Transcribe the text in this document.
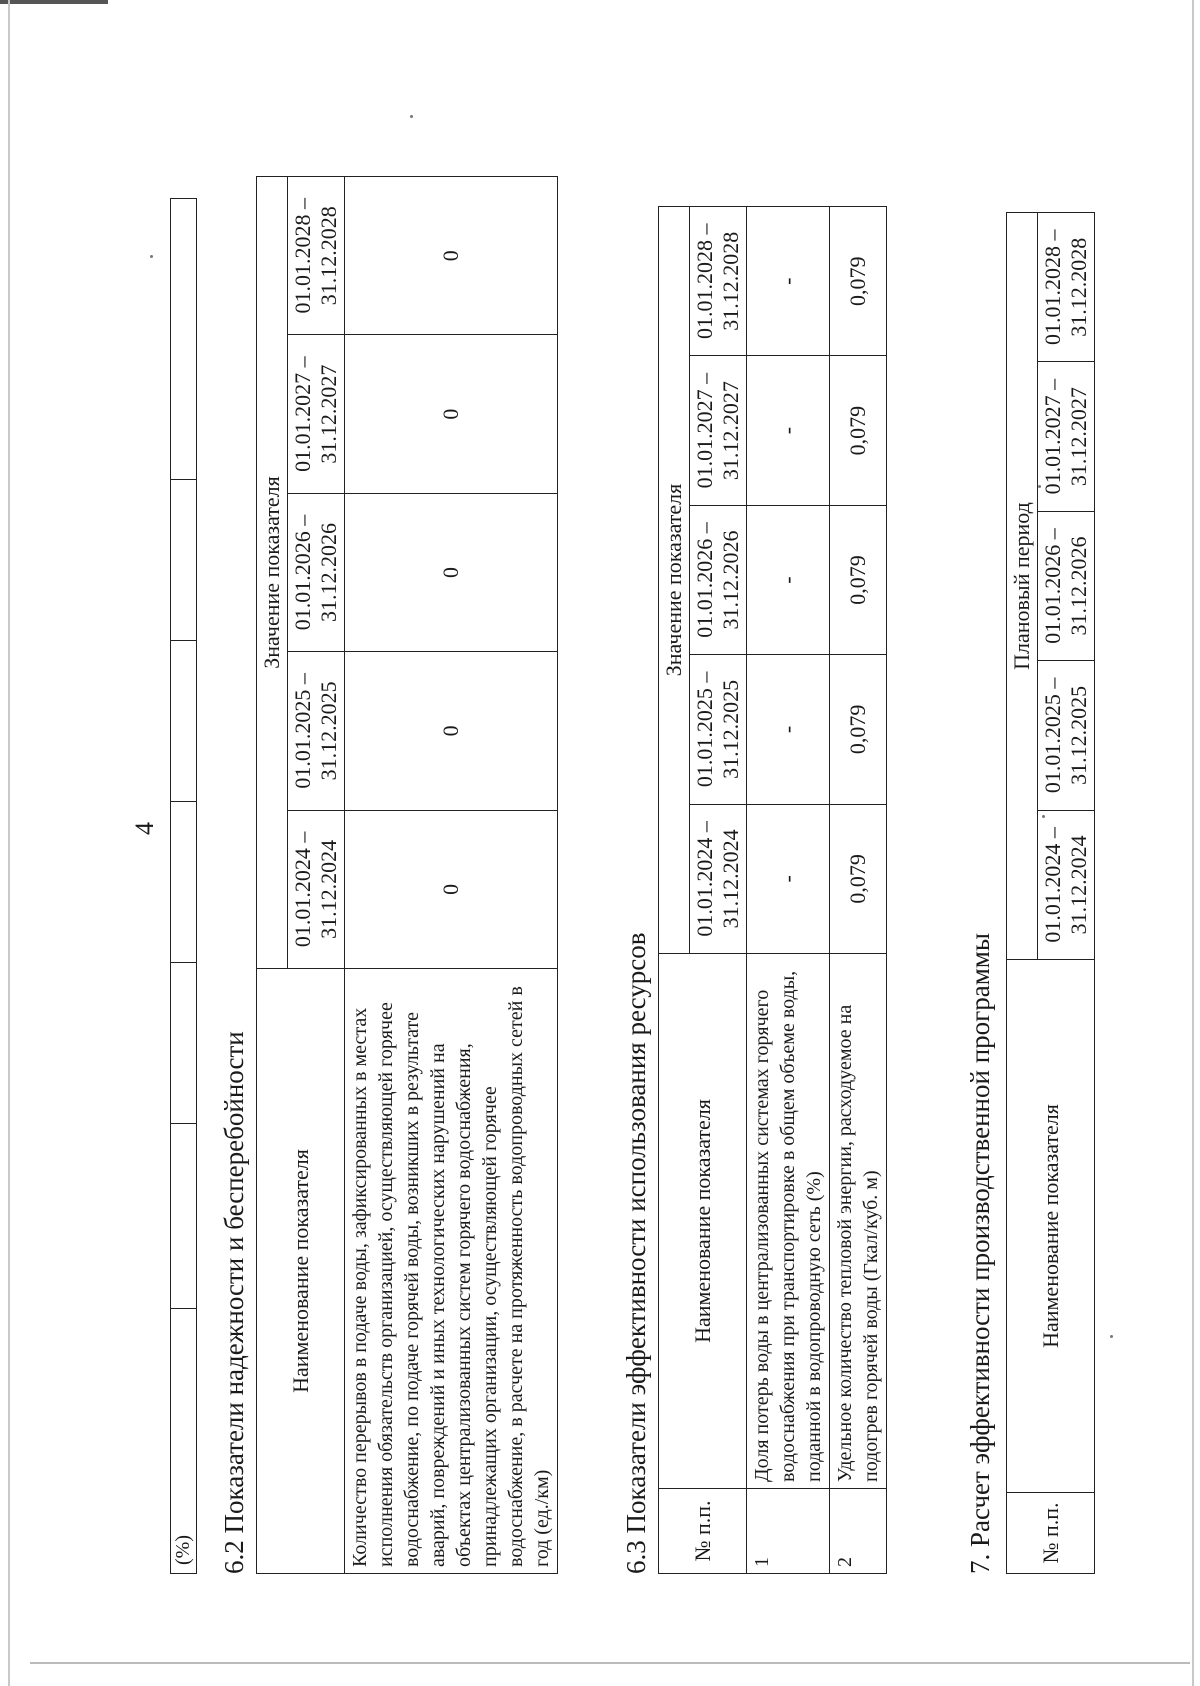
4
(%)						6.2 Показатели надежности и бесперебойности Наименование показателя	Значение показателя				
	01.01.2024 – 31.12.2024	01.01.2025 – 31.12.2025	01.01.2026 – 31.12.2026	01.01.2027 – 31.12.2027	01.01.2028 – 31.12.2028
Количество перерывов в подаче воды, зафиксированных в местах исполнения обязательств организацией, осуществляющей горячее водоснабжение, по подаче горячей воды, возникших в результате аварий, повреждений и иных технологических нарушений на объектах централизованных систем горячего водоснабжения, принадлежащих организации, осуществляющей горячее водоснабжение, в расчете на протяженность водопроводных сетей в год (ед./км)	0	0	0	0	0
6.3 Показатели эффективности использования ресурсов № п.п.	Наименование показателя	Значение показателя				
		01.01.2024 – 31.12.2024	01.01.2025 – 31.12.2025	01.01.2026 – 31.12.2026	01.01.2027 – 31.12.2027	01.01.2028 – 31.12.2028
1	Доля потерь воды в централизованных системах горячего водоснабжения при транспортировке в общем объеме воды, поданной в водопроводную сеть (%)	-	-	-	-	-
2	Удельное количество тепловой энергии, расходуемое на подогрев горячей воды (Гкал/куб. м)	0,079	0,079	0,079	0,079	0,079
7. Расчет эффективности производственной программы № п.п.	Наименование показателя	Плановый период				
		01.01.2024 – 31.12.2024	01.01.2025 – 31.12.2025	01.01.2026 – 31.12.2026	01.01.2027 – 31.12.2027	01.01.2028 – 31.12.2028
